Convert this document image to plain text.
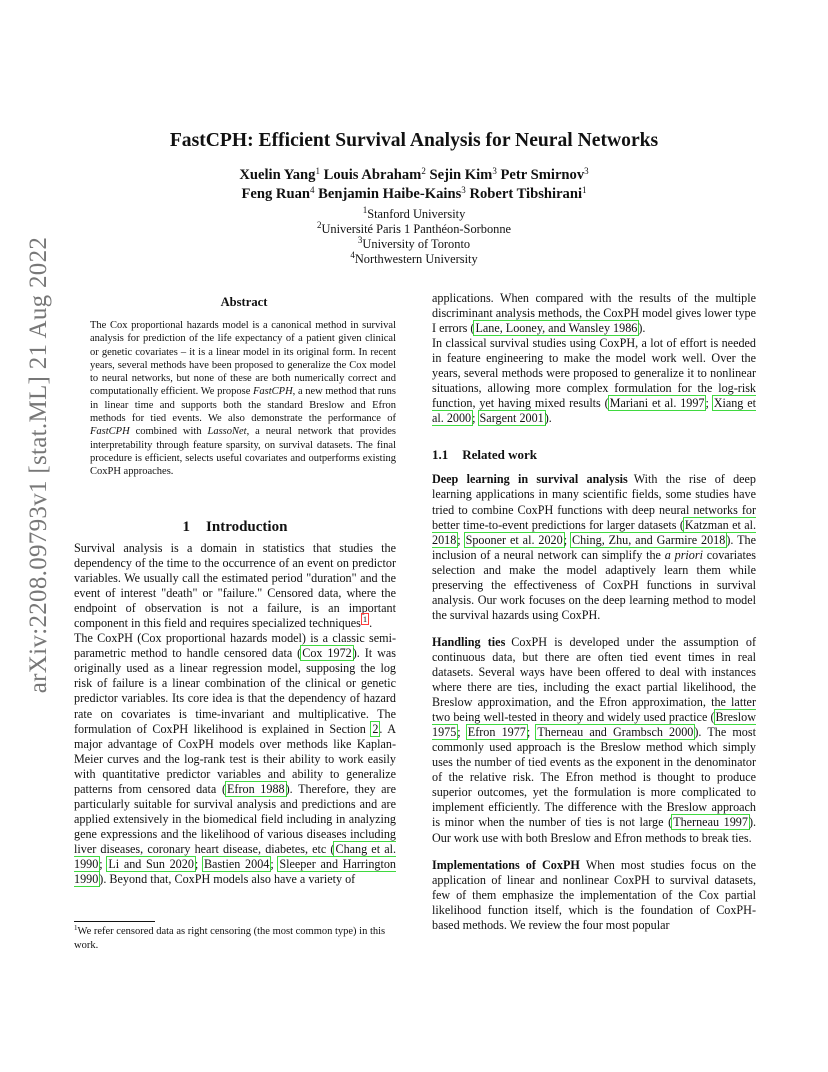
arXiv:2208.09793v1 [stat.ML] 21 Aug 2022
FastCPH: Efficient Survival Analysis for Neural Networks
Xuelin Yang$^1$ Louis Abraham$^2$ Sejin Kim$^3$ Petr Smirnov$^3$
Feng Ruan$^4$ Benjamin Haibe-Kains$^3$ Robert Tibshirani$^1$
$^1$Stanford University
$^2$Université Paris 1 Panthéon-Sorbonne
$^3$University of Toronto
$^4$Northwestern University
Abstract

The Cox proportional hazards model is a canonical method in survival analysis for prediction of the life expectancy of a patient given clinical or genetic covariates – it is a linear model in its original form. In recent years, several methods have been proposed to generalize the Cox model to neural networks, but none of these are both numerically correct and computationally efficient. We propose FastCPH, a new method that runs in linear time and supports both the standard Breslow and Efron methods for tied events. We also demonstrate the performance of FastCPH combined with LassoNet, a neural network that provides interpretability through feature sparsity, on survival datasets. The final procedure is efficient, selects useful covariates and outperforms existing CoxPH approaches.

1 Introduction

Survival analysis is a domain in statistics that studies the dependency of the time to the occurrence of an event on predictor variables. We usually call the estimated period "duration" and the event of interest "death" or "failure." Censored data, where the endpoint of observation is not a failure, is an important component in this field and requires specialized techniques $^1$ .

The CoxPH (Cox proportional hazards model) is a classic semi-parametric method to handle censored data (Cox 1972). It was originally used as a linear regression model, supposing the log risk of failure is a linear combination of the clinical or genetic predictor variables. Its core idea is that the dependency of hazard rate on covariates is time-invariant and multiplicative. The formulation of CoxPH likelihood is explained in Section 2. A major advantage of CoxPH models over methods like Kaplan-Meier curves and the log-rank test is their ability to work easily with quantitative predictor variables and ability to generalize patterns from censored data (Efron 1988). Therefore, they are particularly suitable for survival analysis and predictions and are applied extensively in the biomedical field including in analyzing gene expressions and the likelihood of various diseases including liver diseases, coronary heart disease, diabetes, etc (Chang et al. 1990; Li and Sun 2020; Bastien 2004; Sleeper and Harrington 1990). Beyond that, CoxPH models also have a variety of

$^1$We refer censored data as right censoring (the most common type) in this work.

applications. When compared with the results of the multiple discriminant analysis methods, the CoxPH model gives lower type I errors (Lane, Looney, and Wansley 1986).

In classical survival studies using CoxPH, a lot of effort is needed in feature engineering to make the model work well. Over the years, several methods were proposed to generalize it to nonlinear situations, allowing more complex formulation for the log-risk function, yet having mixed results (Mariani et al. 1997; Xiang et al. 2000; Sargent 2001).

1.1 Related work

Deep learning in survival analysis With the rise of deep learning applications in many scientific fields, some studies have tried to combine CoxPH functions with deep neural networks for better time-to-event predictions for larger datasets (Katzman et al. 2018; Spooner et al. 2020; Ching, Zhu, and Garmire 2018). The inclusion of a neural network can simplify the a priori covariates selection and make the model adaptively learn them while preserving the effectiveness of CoxPH functions in survival analysis. Our work focuses on the deep learning method to model the survival hazards using CoxPH.

Handling ties CoxPH is developed under the assumption of continuous data, but there are often tied event times in real datasets. Several ways have been offered to deal with instances where there are ties, including the exact partial likelihood, the Breslow approximation, and the Efron approximation, the latter two being well-tested in theory and widely used practice (Breslow 1975; Efron 1977; Therneau and Grambsch 2000). The most commonly used approach is the Breslow method which simply uses the number of tied events as the exponent in the denominator of the relative risk. The Efron method is thought to produce superior outcomes, yet the formulation is more complicated to implement efficiently. The difference with the Breslow approach is minor when the number of ties is not large (Therneau 1997). Our work use with both Breslow and Efron methods to break ties.

Implementations of CoxPH When most studies focus on the application of linear and nonlinear CoxPH to survival datasets, few of them emphasize the implementation of the Cox partial likelihood function itself, which is the foundation of CoxPH-based methods. We review the four most popular
